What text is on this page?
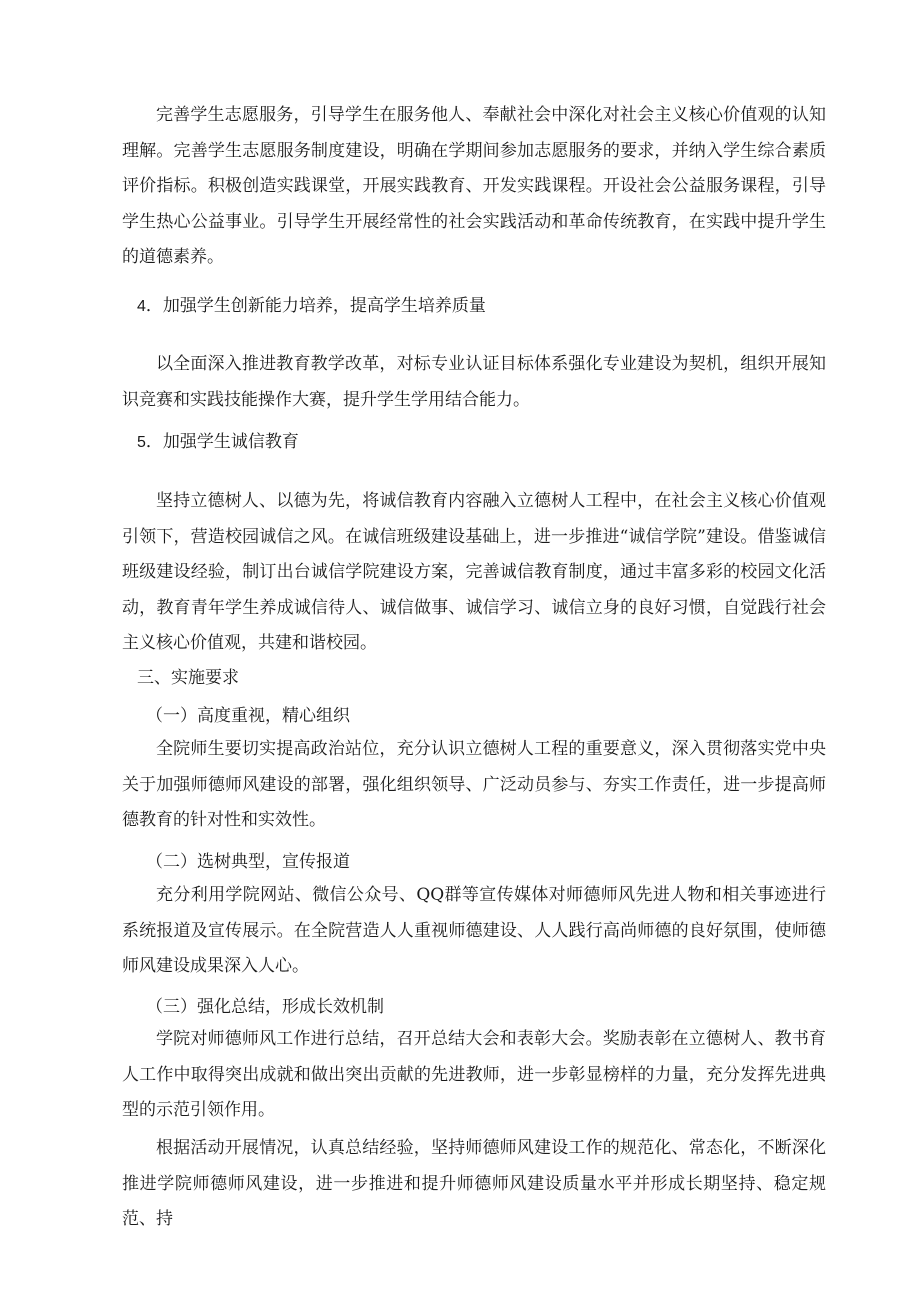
完善学生志愿服务，引导学生在服务他人、奉献社会中深化对社会主义核心价值观的认知理解。完善学生志愿服务制度建设，明确在学期间参加志愿服务的要求，并纳入学生综合素质评价指标。积极创造实践课堂，开展实践教育、开发实践课程。开设社会公益服务课程，引导学生热心公益事业。引导学生开展经常性的社会实践活动和革命传统教育，在实践中提升学生的道德素养。

4．加强学生创新能力培养，提高学生培养质量

以全面深入推进教育教学改革，对标专业认证目标体系强化专业建设为契机，组织开展知识竞赛和实践技能操作大赛，提升学生学用结合能力。

5．加强学生诚信教育

坚持立德树人、以德为先，将诚信教育内容融入立德树人工程中，在社会主义核心价值观引领下，营造校园诚信之风。在诚信班级建设基础上，进一步推进“诚信学院”建设。借鉴诚信班级建设经验，制订出台诚信学院建设方案，完善诚信教育制度，通过丰富多彩的校园文化活动，教育青年学生养成诚信待人、诚信做事、诚信学习、诚信立身的良好习惯，自觉践行社会主义核心价值观，共建和谐校园。

三、实施要求

（一）高度重视，精心组织

全院师生要切实提高政治站位，充分认识立德树人工程的重要意义，深入贯彻落实党中央关于加强师德师风建设的部署，强化组织领导、广泛动员参与、夯实工作责任，进一步提高师德教育的针对性和实效性。

（二）选树典型，宣传报道

充分利用学院网站、微信公众号、QQ群等宣传媒体对师德师风先进人物和相关事迹进行系统报道及宣传展示。在全院营造人人重视师德建设、人人践行高尚师德的良好氛围，使师德师风建设成果深入人心。

（三）强化总结，形成长效机制

学院对师德师风工作进行总结，召开总结大会和表彰大会。奖励表彰在立德树人、教书育人工作中取得突出成就和做出突出贡献的先进教师，进一步彰显榜样的力量，充分发挥先进典型的示范引领作用。

根据活动开展情况，认真总结经验，坚持师德师风建设工作的规范化、常态化，不断深化推进学院师德师风建设，进一步推进和提升师德师风建设质量水平并形成长期坚持、稳定规范、持
